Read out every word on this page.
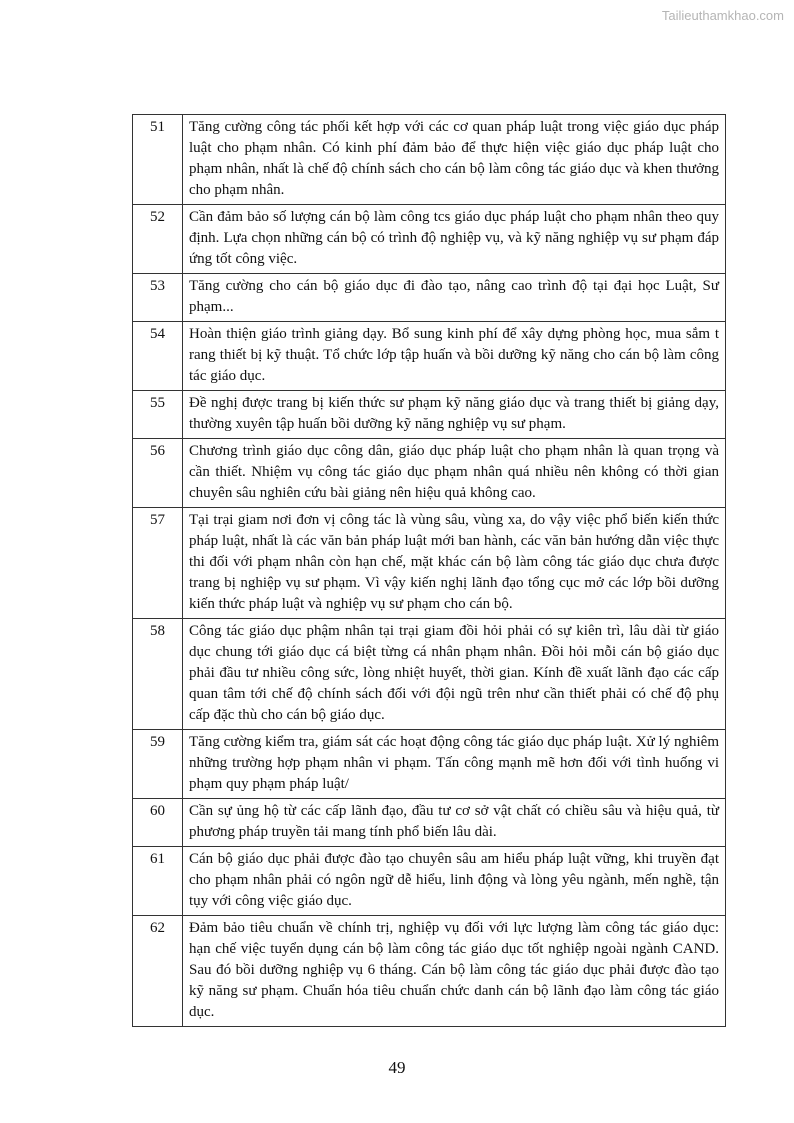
Tailieuthamkhao.com
51	Tăng cường công tác phối kết hợp với các cơ quan pháp luật trong việc giáo dục pháp luật cho phạm nhân. Có kinh phí đảm bảo để thực hiện việc giáo dục pháp luật cho phạm nhân, nhất là chế độ chính sách cho cán bộ làm công tác giáo dục và khen thưởng cho phạm nhân.
52	Cần đảm bảo số lượng cán bộ làm công tcs giáo dục pháp luật cho phạm nhân theo quy định. Lựa chọn những cán bộ có trình độ nghiệp vụ, và kỹ năng nghiệp vụ sư phạm đáp ứng tốt công việc.
53	Tăng cường cho cán bộ giáo dục đi đào tạo, nâng cao trình độ tại đại học Luật, Sư phạm...
54	Hoàn thiện giáo trình giảng dạy. Bổ sung kinh phí để xây dựng phòng học, mua sắm t rang thiết bị kỹ thuật. Tổ chức lớp tập huấn và bồi dưỡng kỹ năng cho cán bộ làm công tác giáo dục.
55	Đề nghị được trang bị kiến thức sư phạm kỹ năng giáo dục và trang thiết bị giảng dạy, thường xuyên tập huấn bồi dưỡng kỹ năng nghiệp vụ sư phạm.
56	Chương trình giáo dục công dân, giáo dục pháp luật cho phạm nhân là quan trọng và cần thiết. Nhiệm vụ công tác giáo dục phạm nhân quá nhiều nên không có thời gian chuyên sâu nghiên cứu bài giảng nên hiệu quả không cao.
57	Tại trại giam nơi đơn vị công tác là vùng sâu, vùng xa, do vậy việc phổ biến kiến thức pháp luật, nhất là các văn bản pháp luật mới ban hành, các văn bản hướng dẫn việc thực thi đối với phạm nhân còn hạn chế, mặt khác cán bộ làm công tác giáo dục chưa được trang bị nghiệp vụ sư phạm. Vì vậy kiến nghị lãnh đạo tổng cục mở các lớp bồi dưỡng kiến thức pháp luật và nghiệp vụ sư phạm cho cán bộ.
58	Công tác giáo dục phậm nhân tại trại giam đồi hỏi phải có sự kiên trì, lâu dài từ giáo dục chung tới giáo dục cá biệt từng cá nhân phạm nhân. Đồi hỏi mỗi cán bộ giáo dục phải đầu tư nhiều công sức, lòng nhiệt huyết, thời gian. Kính đề xuất lãnh đạo các cấp quan tâm tới chế độ chính sách đối với đội ngũ trên như cần thiết phải có chế độ phụ cấp đặc thù cho cán bộ giáo dục.
59	Tăng cường kiểm tra, giám sát các hoạt động công tác giáo dục pháp luật. Xử lý nghiêm những trường hợp phạm nhân vi phạm. Tấn công mạnh mẽ hơn đối với tình huống vi phạm quy phạm pháp luật/
60	Cần sự ủng hộ từ các cấp lãnh đạo, đầu tư cơ sở vật chất có chiều sâu và hiệu quả, từ phương pháp truyền tải mang tính phổ biến lâu dài.
61	Cán bộ giáo dục phải được đào tạo chuyên sâu am hiểu pháp luật vững, khi truyền đạt cho phạm nhân phải có ngôn ngữ dễ hiểu, linh động và lòng yêu ngành, mến nghề, tận tụy với công việc giáo dục.
62	Đảm bảo tiêu chuẩn về chính trị, nghiệp vụ đối với lực lượng làm công tác giáo dục: hạn chế việc tuyển dụng cán bộ làm công tác giáo dục tốt nghiệp ngoài ngành CAND. Sau đó bồi dưỡng nghiệp vụ 6 tháng. Cán bộ làm công tác giáo dục phải được đào tạo kỹ năng sư phạm. Chuẩn hóa tiêu chuẩn chức danh cán bộ lãnh đạo làm công tác giáo dục.
49
